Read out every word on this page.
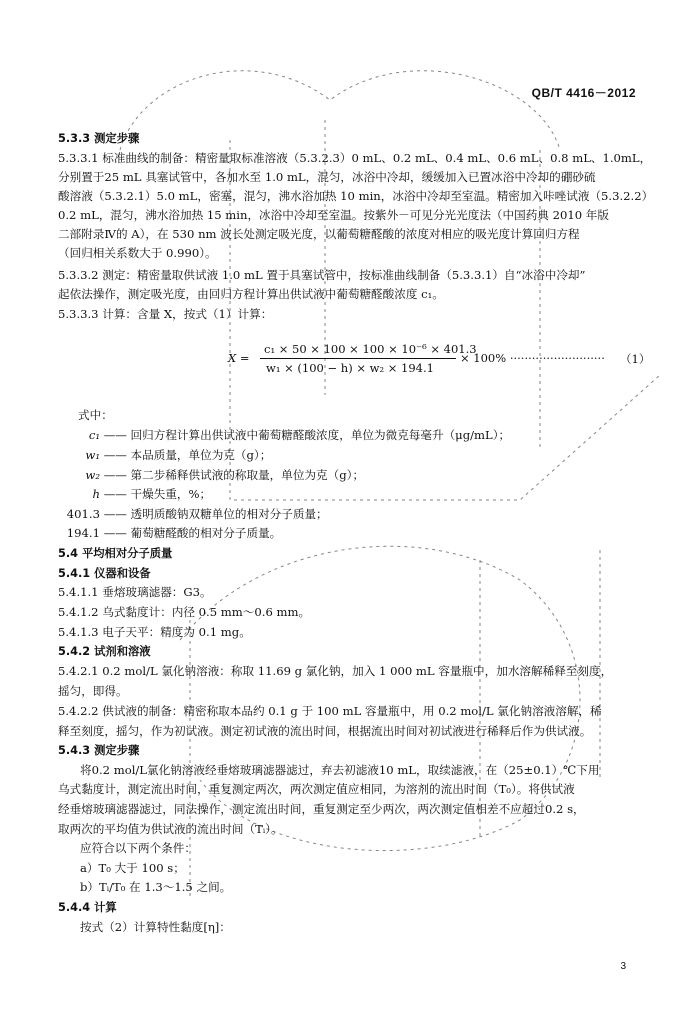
QB/T 4416－2012
5.3.3 测定步骤
5.3.3.1 标准曲线的制备：精密量取标准溶液（5.3.2.3）0 mL、0.2 mL、0.4 mL、0.6 mL、0.8 mL、1.0mL，
分别置于25 mL 具塞试管中，各加水至 1.0 mL，混匀，冰浴中冷却，缓缓加入已置冰浴中冷却的硼砂硫
酸溶液（5.3.2.1）5.0 mL，密塞，混匀，沸水浴加热 10 min，冰浴中冷却至室温。精密加入咔唑试液（5.3.2.2）
0.2 mL，混匀，沸水浴加热 15 min，冰浴中冷却至室温。按紫外－可见分光光度法（中国药典 2010 年版
二部附录Ⅳ的 A），在 530 nm 波长处测定吸光度，以葡萄糖醛酸的浓度对相应的吸光度计算回归方程
（回归相关系数大于 0.990）。
5.3.3.2 测定：精密量取供试液 1.0 mL 置于具塞试管中，按标准曲线制备（5.3.3.1）自“冰浴中冷却”
起依法操作，测定吸光度，由回归方程计算出供试液中葡萄糖醛酸浓度 c₁。
5.3.3.3 计算：含量 X，按式（1）计算：
X =
c₁ × 50 × 100 × 100 × 10⁻⁶ × 401.3
w₁ × (100 − h) × w₂ × 194.1
× 100% ·························· （1）
式中：
c₁ —— 回归方程计算出供试液中葡萄糖醛酸浓度，单位为微克每毫升（μg/mL）；
w₁ —— 本品质量，单位为克（g）；
w₂ —— 第二步稀释供试液的称取量，单位为克（g）；
h —— 干燥失重，%；
401.3 —— 透明质酸钠双糖单位的相对分子质量；
194.1 —— 葡萄糖醛酸的相对分子质量。
5.4 平均相对分子质量
5.4.1 仪器和设备
5.4.1.1 垂熔玻璃滤器：G3。
5.4.1.2 乌式黏度计：内径 0.5 mm～0.6 mm。
5.4.1.3 电子天平：精度为 0.1 mg。
5.4.2 试剂和溶液
5.4.2.1 0.2 mol/L 氯化钠溶液：称取 11.69 g 氯化钠，加入 1 000 mL 容量瓶中，加水溶解稀释至刻度，
摇匀，即得。
5.4.2.2 供试液的制备：精密称取本品约 0.1 g 于 100 mL 容量瓶中，用 0.2 mol/L 氯化钠溶液溶解，稀
释至刻度，摇匀，作为初试液。测定初试液的流出时间，根据流出时间对初试液进行稀释后作为供试液。
5.4.3 测定步骤
将0.2 mol/L氯化钠溶液经垂熔玻璃滤器滤过，弃去初滤液10 mL，取续滤液，在（25±0.1）℃下用
乌式黏度计，测定流出时间，重复测定两次，两次测定值应相同，为溶剂的流出时间（T₀）。将供试液
经垂熔玻璃滤器滤过，同法操作，测定流出时间，重复测定至少两次，两次测定值相差不应超过0.2 s，
取两次的平均值为供试液的流出时间（Tᵢ）。
应符合以下两个条件：
a）T₀ 大于 100 s；
b）Tᵢ/T₀ 在 1.3～1.5 之间。
5.4.4 计算
按式（2）计算特性黏度[η]：
3
